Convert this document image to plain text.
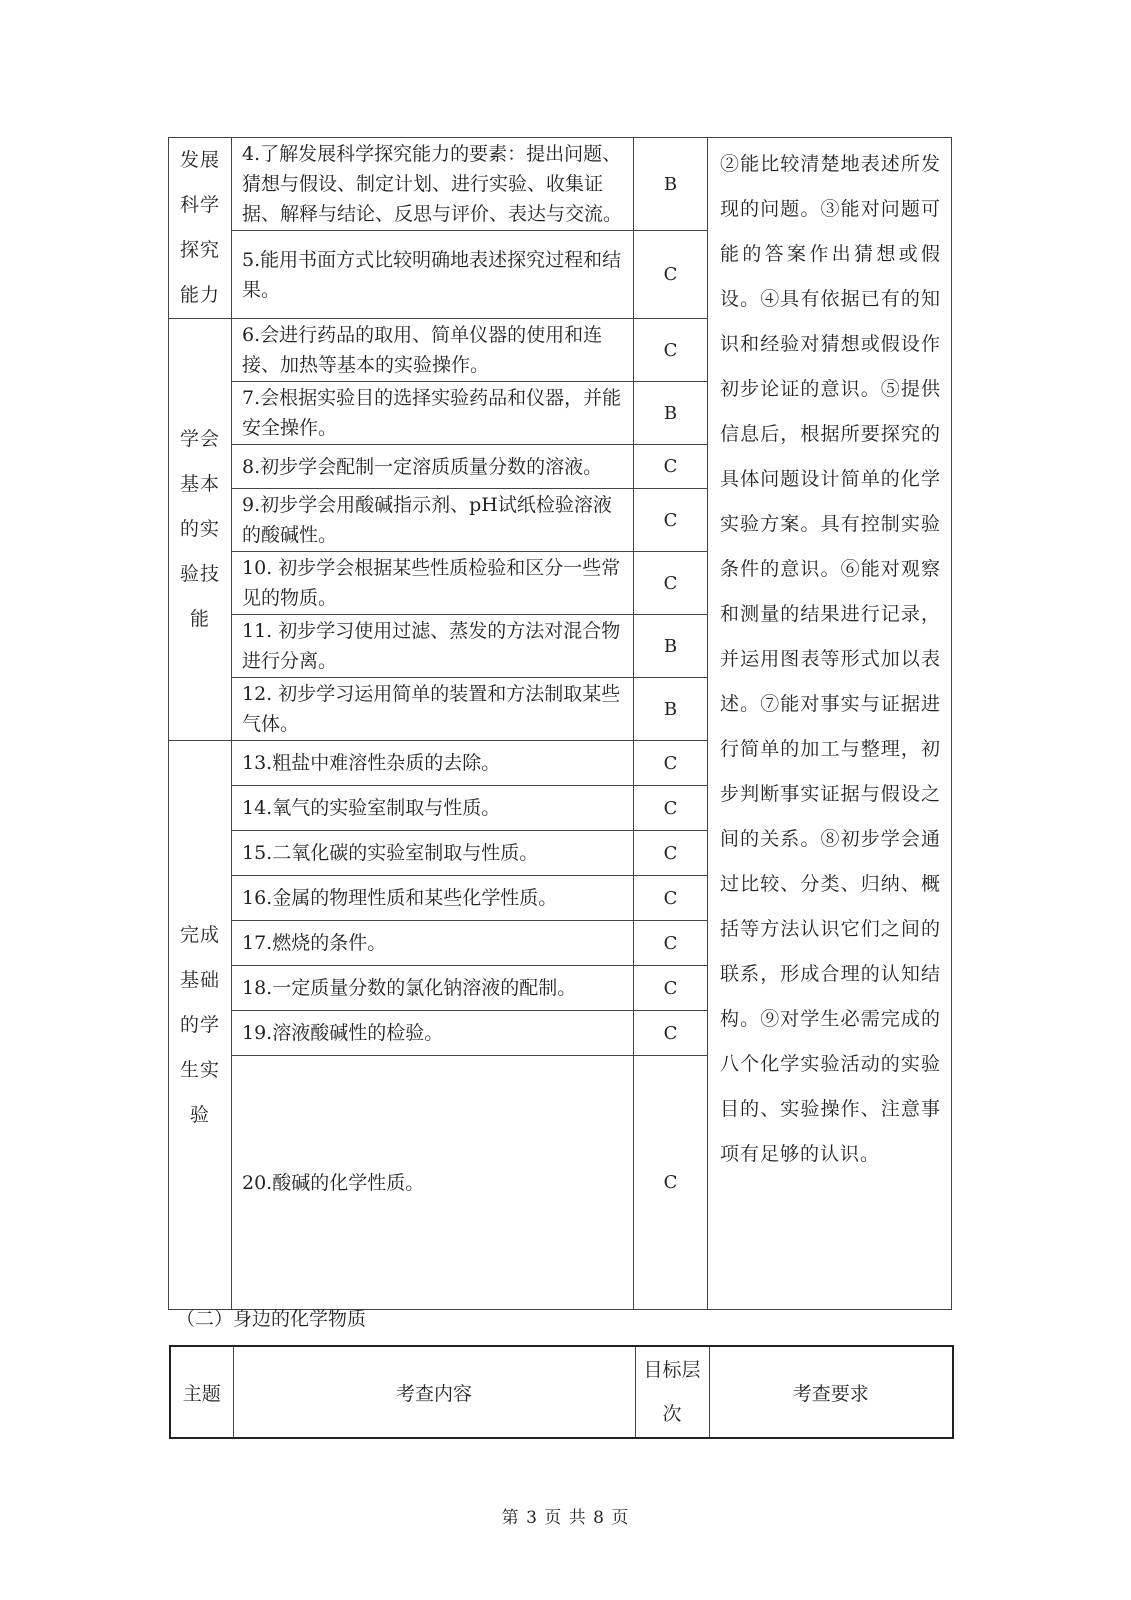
发展科学探究能力	4.了解发展科学探究能力的要素：提出问题、猜想与假设、制定计划、进行实验、收集证据、解释与结论、反思与评价、表达与交流。	B	②能比较清楚地表述所发现的问题。③能对问题可能的答案作出猜想或假设。④具有依据已有的知识和经验对猜想或假设作初步论证的意识。⑤提供信息后，根据所要探究的具体问题设计简单的化学实验方案。具有控制实验条件的意识。⑥能对观察和测量的结果进行记录，并运用图表等形式加以表述。⑦能对事实与证据进行简单的加工与整理，初步判断事实证据与假设之间的关系。⑧初步学会通过比较、分类、归纳、概括等方法认识它们之间的联系，形成合理的认知结构。⑨对学生必需完成的八个化学实验活动的实验目的、实验操作、注意事项有足够的认识。
	5.能用书面方式比较明确地表述探究过程和结果。	C	
学会基本的实验技能	6.会进行药品的取用、简单仪器的使用和连接、加热等基本的实验操作。	C	
	7.会根据实验目的选择实验药品和仪器，并能安全操作。	B	
	8.初步学会配制一定溶质质量分数的溶液。	C	
	9.初步学会用酸碱指示剂、pH试纸检验溶液的酸碱性。	C	
	10. 初步学会根据某些性质检验和区分一些常见的物质。	C	
	11. 初步学习使用过滤、蒸发的方法对混合物进行分离。	B	
	12. 初步学习运用简单的装置和方法制取某些气体。	B	
完成基础的学生实验	13.粗盐中难溶性杂质的去除。	C	
	14.氧气的实验室制取与性质。	C	
	15.二氧化碳的实验室制取与性质。	C	
	16.金属的物理性质和某些化学性质。	C	
	17.燃烧的条件。	C	
	18.一定质量分数的氯化钠溶液的配制。	C	
	19.溶液酸碱性的检验。	C	
	20.酸碱的化学性质。	C	

（二）身边的化学物质

主题	考查内容	目标层次	考查要求
第 3 页 共 8 页
